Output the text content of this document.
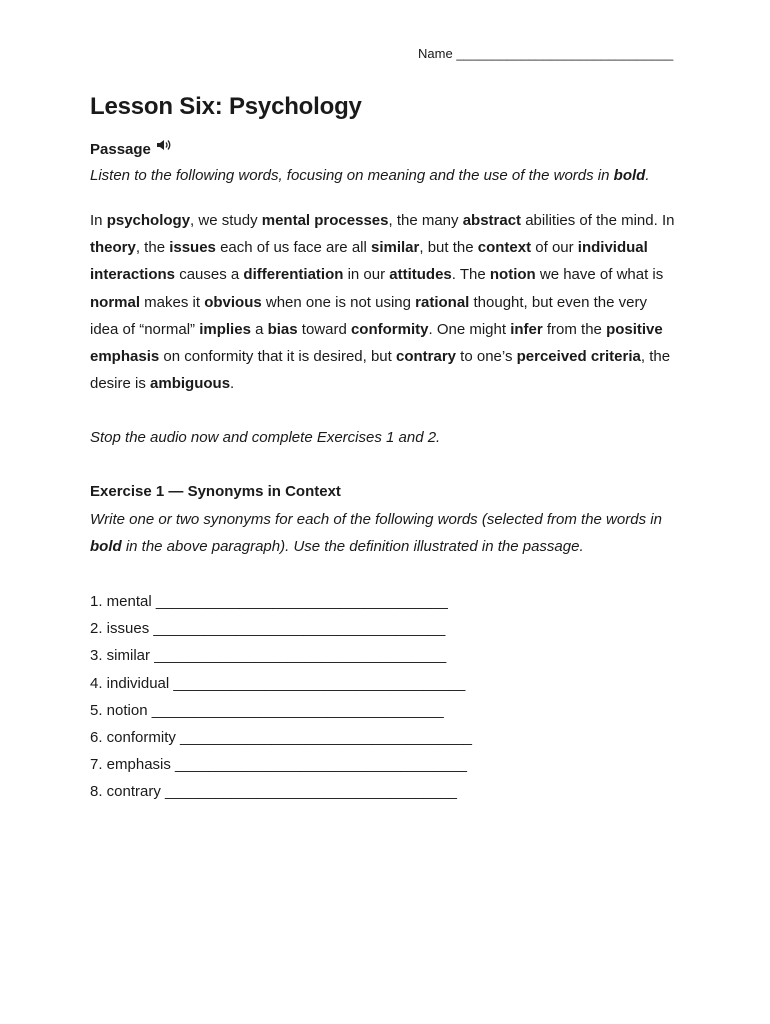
Name ______________________________
Lesson Six: Psychology
Passage

Listen to the following words, focusing on meaning and the use of the words in bold.

In psychology, we study mental processes, the many abstract abilities of the mind. In
theory, the issues each of us face are all similar, but the context of our individual
interactions causes a differentiation in our attitudes. The notion we have of what is
normal makes it obvious when one is not using rational thought, but even the very
idea of “normal” implies a bias toward conformity. One might infer from the positive
emphasis on conformity that it is desired, but contrary to one’s perceived criteria, the
desire is ambiguous.

Stop the audio now and complete Exercises 1 and 2.

Exercise 1 — Synonyms in Context

Write one or two synonyms for each of the following words (selected from the words in
bold in the above paragraph). Use the definition illustrated in the passage.

1. mental ___________________________________
2. issues ___________________________________
3. similar ___________________________________
4. individual ___________________________________
5. notion ___________________________________
6. conformity ___________________________________
7. emphasis ___________________________________
8. contrary ___________________________________
